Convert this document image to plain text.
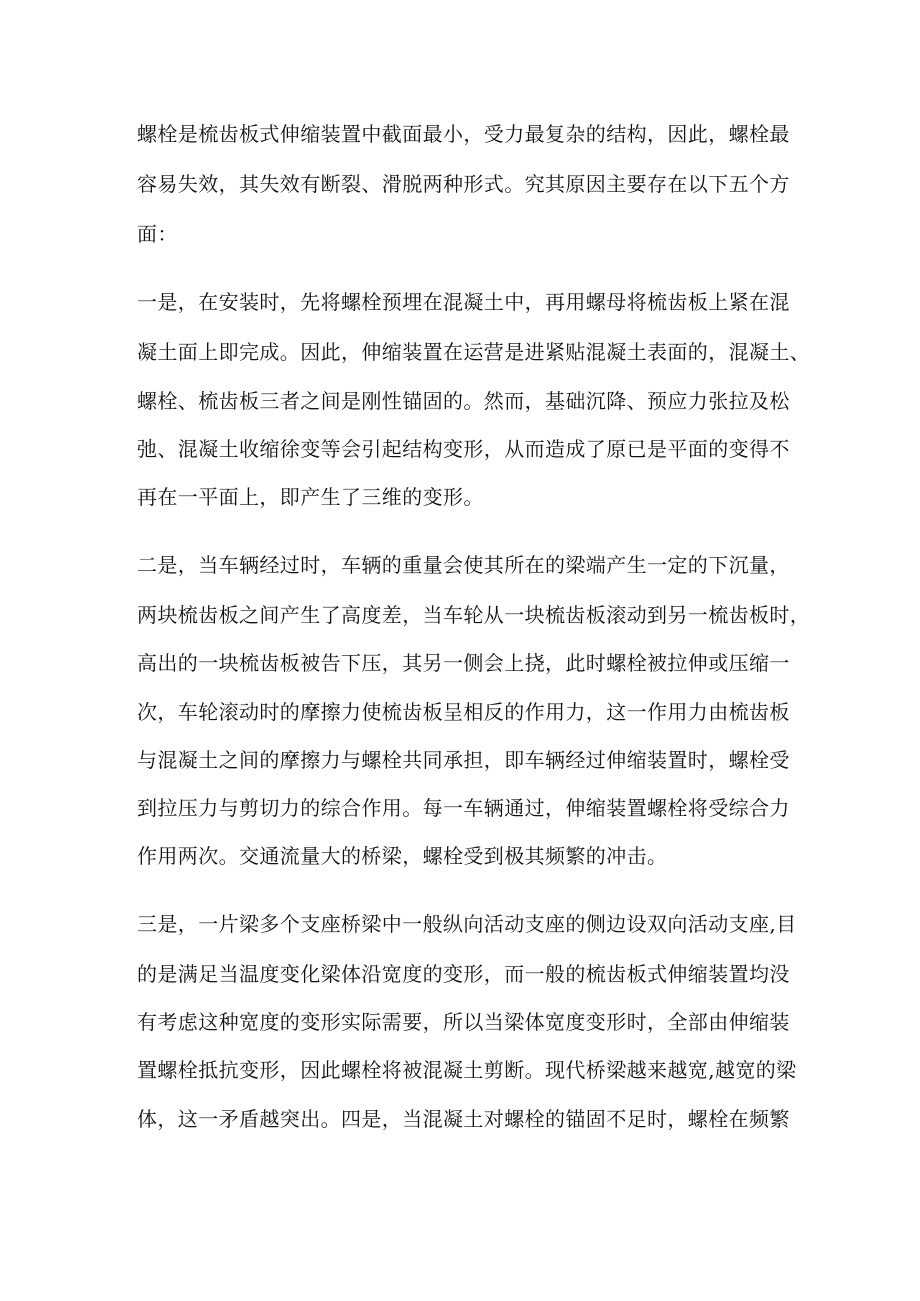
螺栓是梳齿板式伸缩装置中截面最小，受力最复杂的结构，因此，螺栓最
容易失效，其失效有断裂、滑脱两种形式。究其原因主要存在以下五个方
面：
一是，在安装时，先将螺栓预埋在混凝土中，再用螺母将梳齿板上紧在混
凝土面上即完成。因此，伸缩装置在运营是进紧贴混凝土表面的，混凝土、
螺栓、梳齿板三者之间是刚性锚固的。然而，基础沉降、预应力张拉及松
弛、混凝土收缩徐变等会引起结构变形，从而造成了原已是平面的变得不
再在一平面上，即产生了三维的变形。
二是，当车辆经过时，车辆的重量会使其所在的梁端产生一定的下沉量，
两块梳齿板之间产生了高度差，当车轮从一块梳齿板滚动到另一梳齿板时，
高出的一块梳齿板被告下压，其另一侧会上挠，此时螺栓被拉伸或压缩一
次，车轮滚动时的摩擦力使梳齿板呈相反的作用力，这一作用力由梳齿板
与混凝土之间的摩擦力与螺栓共同承担，即车辆经过伸缩装置时，螺栓受
到拉压力与剪切力的综合作用。每一车辆通过，伸缩装置螺栓将受综合力
作用两次。交通流量大的桥梁，螺栓受到极其频繁的冲击。
三是，一片梁多个支座桥梁中一般纵向活动支座的侧边设双向活动支座,目
的是满足当温度变化梁体沿宽度的变形，而一般的梳齿板式伸缩装置均没
有考虑这种宽度的变形实际需要，所以当梁体宽度变形时，全部由伸缩装
置螺栓抵抗变形，因此螺栓将被混凝土剪断。现代桥梁越来越宽,越宽的梁
体，这一矛盾越突出。四是，当混凝土对螺栓的锚固不足时，螺栓在频繁
